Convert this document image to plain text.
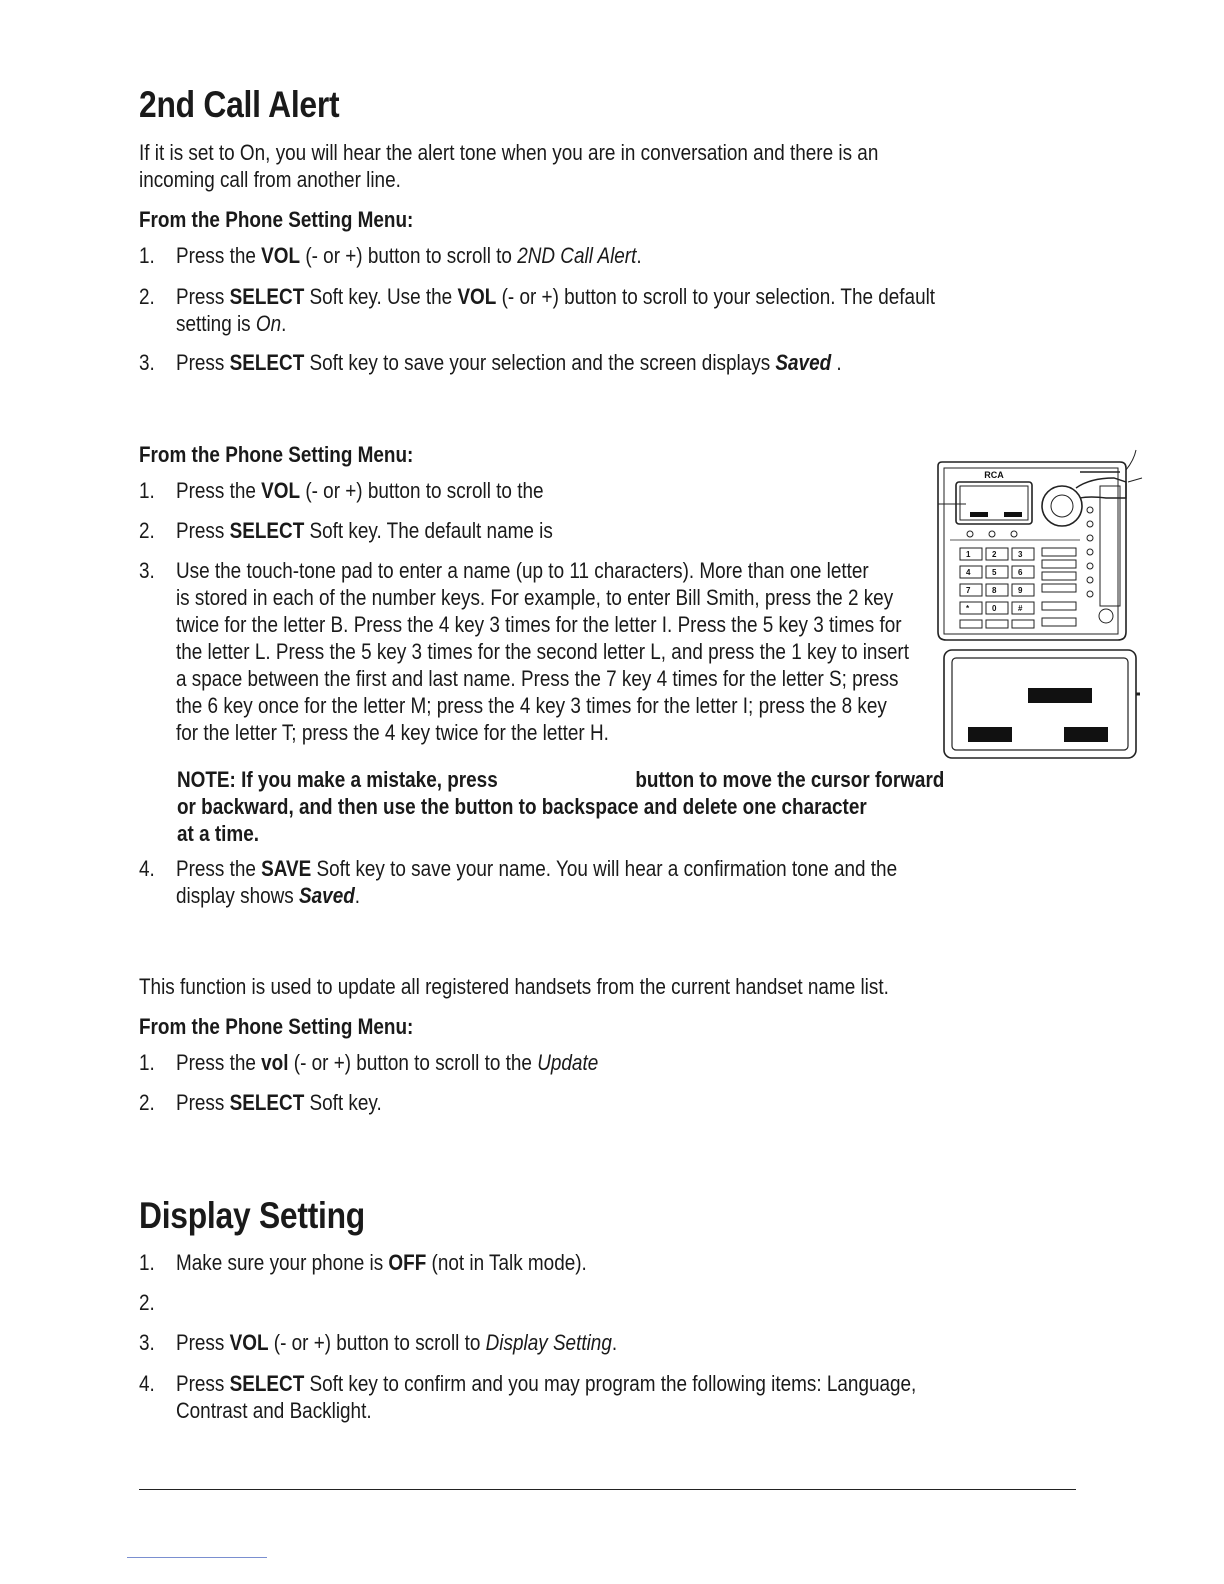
2nd Call Alert
If it is set to On, you will hear the alert tone when you are in conversation and there is an
incoming call from another line.
From the Phone Setting Menu:
1. Press the VOL (- or +) button to scroll to 2ND Call Alert.
2. Press SELECT Soft key. Use the VOL (- or +) button to scroll to your selection. The default
setting is On.
3. Press SELECT Soft key to save your selection and the screen displays Saved .
From the Phone Setting Menu:
1. Press the VOL (- or +) button to scroll to the
2. Press SELECT Soft key. The default name is
3. Use the touch-tone pad to enter a name (up to 11 characters). More than one letter
is stored in each of the number keys. For example, to enter Bill Smith, press the 2 key
twice for the letter B. Press the 4 key 3 times for the letter I. Press the 5 key 3 times for
the letter L. Press the 5 key 3 times for the second letter L, and press the 1 key to insert
a space between the first and last name. Press the 7 key 4 times for the letter S; press
the 6 key once for the letter M; press the 4 key 3 times for the letter I; press the 8 key
for the letter T; press the 4 key twice for the letter H.
NOTE: If you make a mistake, press	button to move the cursor forward
or backward, and then use the button to backspace and delete one character
at a time.
4. Press the SAVE Soft key to save your name. You will hear a confirmation tone and the
display shows Saved.
RCA
1	2	3
4	5	6
7	8	9
*	0	#
This function is used to update all registered handsets from the current handset name list.
From the Phone Setting Menu:
1. Press the vol (- or +) button to scroll to the Update
2. Press SELECT Soft key.
Display Setting
1. Make sure your phone is OFF (not in Talk mode).
2.
3. Press VOL (- or +) button to scroll to Display Setting.
4. Press SELECT Soft key to confirm and you may program the following items: Language,
Contrast and Backlight.
